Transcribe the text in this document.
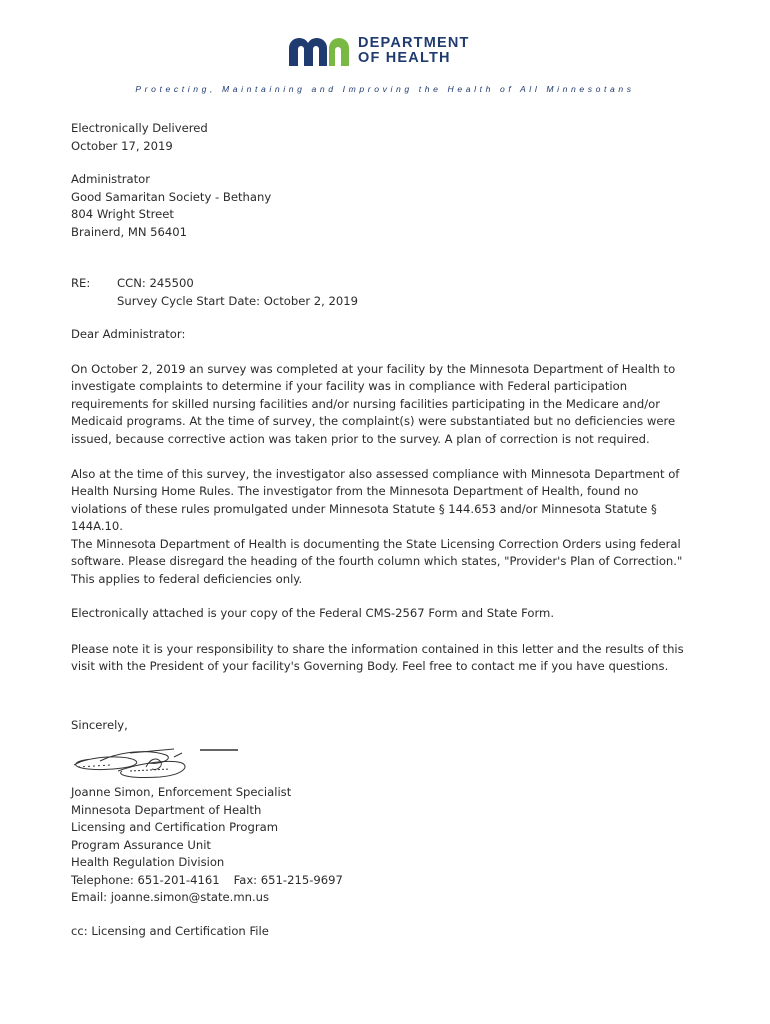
DEPARTMENT
OF HEALTH
Protecting, Maintaining and Improving the Health of All Minnesotans
Electronically Delivered
October 17, 2019
Administrator
Good Samaritan Society - Bethany
804 Wright Street
Brainerd, MN 56401
RE: CCN: 245500
Survey Cycle Start Date: October 2, 2019
Dear Administrator:
On October 2, 2019 an survey was completed at your facility by the Minnesota Department of Health to investigate complaints to determine if your facility was in compliance with Federal participation requirements for skilled nursing facilities and/or nursing facilities participating in the Medicare and/or Medicaid programs. At the time of survey, the complaint(s) were substantiated but no deficiencies were issued, because corrective action was taken prior to the survey. A plan of correction is not required.
Also at the time of this survey, the investigator also assessed compliance with Minnesota Department of Health Nursing Home Rules. The investigator from the Minnesota Department of Health, found no violations of these rules promulgated under Minnesota Statute § 144.653 and/or Minnesota Statute § 144A.10.
The Minnesota Department of Health is documenting the State Licensing Correction Orders using federal software. Please disregard the heading of the fourth column which states, "Provider's Plan of Correction." This applies to federal deficiencies only.
Electronically attached is your copy of the Federal CMS-2567 Form and State Form.
Please note it is your responsibility to share the information contained in this letter and the results of this visit with the President of your facility's Governing Body. Feel free to contact me if you have questions.
Sincerely,
Joanne Simon, Enforcement Specialist
Minnesota Department of Health
Licensing and Certification Program
Program Assurance Unit
Health Regulation Division
Telephone: 651-201-4161 Fax: 651-215-9697
Email: joanne.simon@state.mn.us
cc: Licensing and Certification File
